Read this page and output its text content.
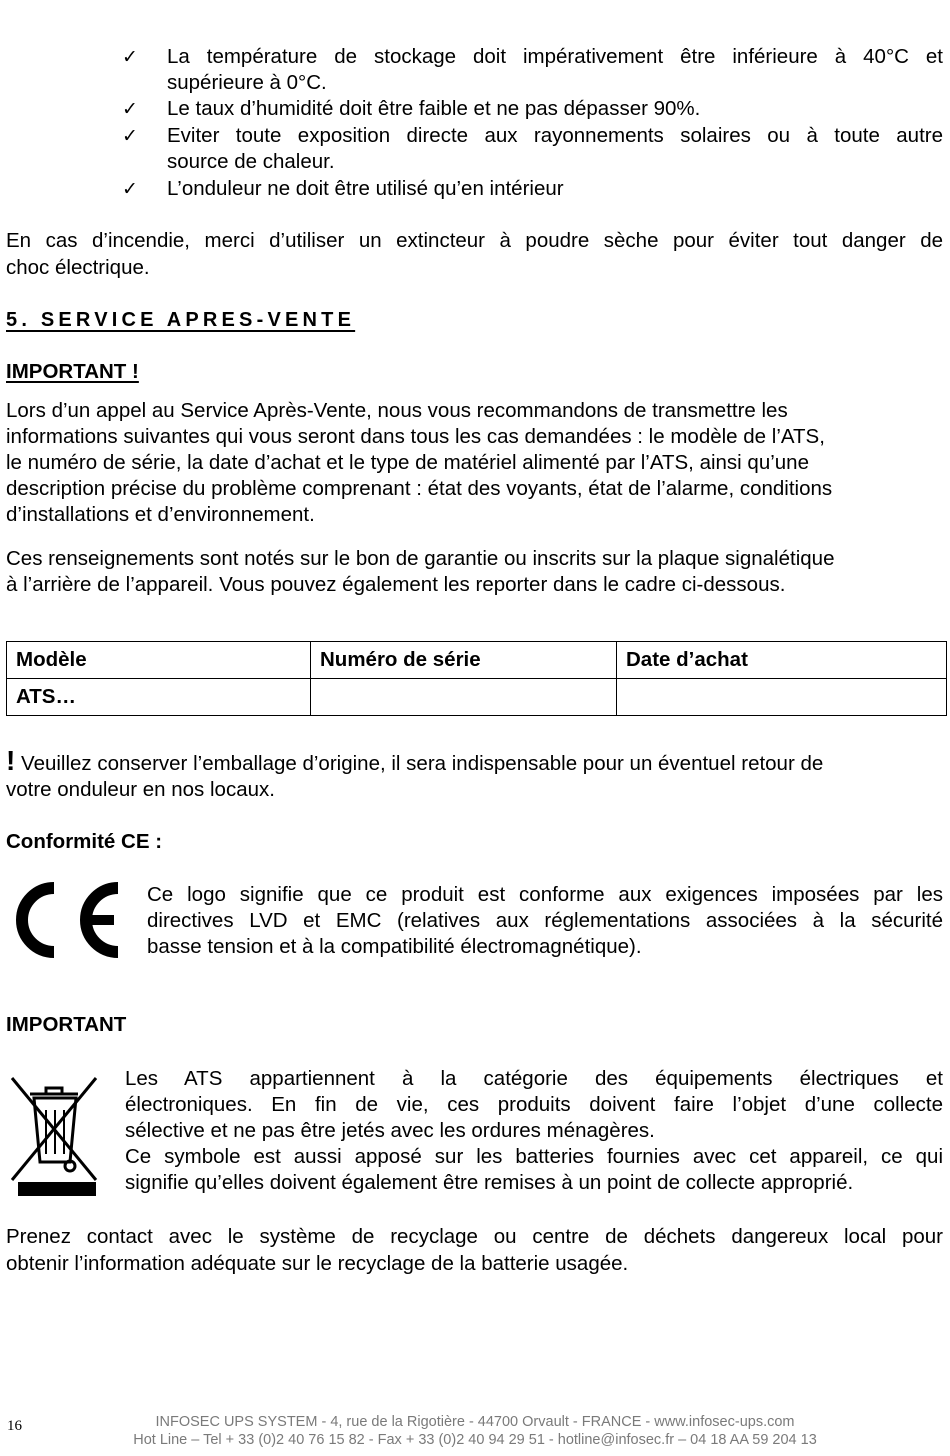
✓ La température de stockage doit impérativement être inférieure à 40°C et
supérieure à 0°C.
✓ Le taux d’humidité doit être faible et ne pas dépasser 90%.
✓ Eviter toute exposition directe aux rayonnements solaires ou à toute autre
source de chaleur.
✓ L’onduleur ne doit être utilisé qu’en intérieur
En cas d’incendie, merci d’utiliser un extincteur à poudre sèche pour éviter tout danger de
choc électrique.
5. SERVICE APRES-VENTE
IMPORTANT !
Lors d’un appel au Service Après-Vente, nous vous recommandons de transmettre les
informations suivantes qui vous seront dans tous les cas demandées : le modèle de l’ATS,
le numéro de série, la date d’achat et le type de matériel alimenté par l’ATS, ainsi qu’une
description précise du problème comprenant : état des voyants, état de l’alarme, conditions
d’installations et d’environnement.
Ces renseignements sont notés sur le bon de garantie ou inscrits sur la plaque signalétique
à l’arrière de l’appareil. Vous pouvez également les reporter dans le cadre ci-dessous.
Modèle	Numéro de série	Date d’achat
ATS…		
! Veuillez conserver l’emballage d’origine, il sera indispensable pour un éventuel retour de
votre onduleur en nos locaux.
Conformité CE :
Ce logo signifie que ce produit est conforme aux exigences imposées par les
directives LVD et EMC (relatives aux réglementations associées à la sécurité
basse tension et à la compatibilité électromagnétique).
IMPORTANT
Les ATS appartiennent à la catégorie des équipements électriques et
électroniques. En fin de vie, ces produits doivent faire l’objet d’une collecte
sélective et ne pas être jetés avec les ordures ménagères.
Ce symbole est aussi apposé sur les batteries fournies avec cet appareil, ce qui
signifie qu’elles doivent également être remises à un point de collecte approprié.
Prenez contact avec le système de recyclage ou centre de déchets dangereux local pour
obtenir l’information adéquate sur le recyclage de la batterie usagée.
16	INFOSEC UPS SYSTEM - 4, rue de la Rigotière - 44700 Orvault - FRANCE - www.infosec-ups.com
Hot Line – Tel + 33 (0)2 40 76 15 82 - Fax + 33 (0)2 40 94 29 51 - hotline@infosec.fr – 04 18 AA 59 204 13
